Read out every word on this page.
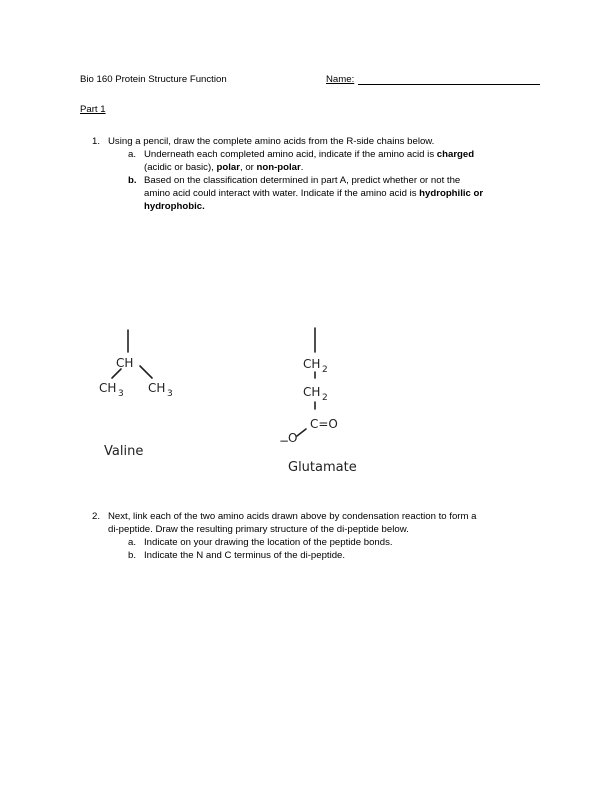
Bio 160 Protein Structure Function	Name:
Part 1
1. Using a pencil, draw the complete amino acids from the R-side chains below.
a. Underneath each completed amino acid, indicate if the amino acid is charged
(acidic or basic), polar, or non-polar.
b. Based on the classification determined in part A, predict whether or not the
amino acid could interact with water. Indicate if the amino acid is hydrophilic or
hydrophobic.
CH
CH 3 CH 3
Valine
CH 2
CH 2
C=O
−
O
Glutamate
2. Next, link each of the two amino acids drawn above by condensation reaction to form a
di-peptide. Draw the resulting primary structure of the di-peptide below.
a. Indicate on your drawing the location of the peptide bonds.
b. Indicate the N and C terminus of the di-peptide.
